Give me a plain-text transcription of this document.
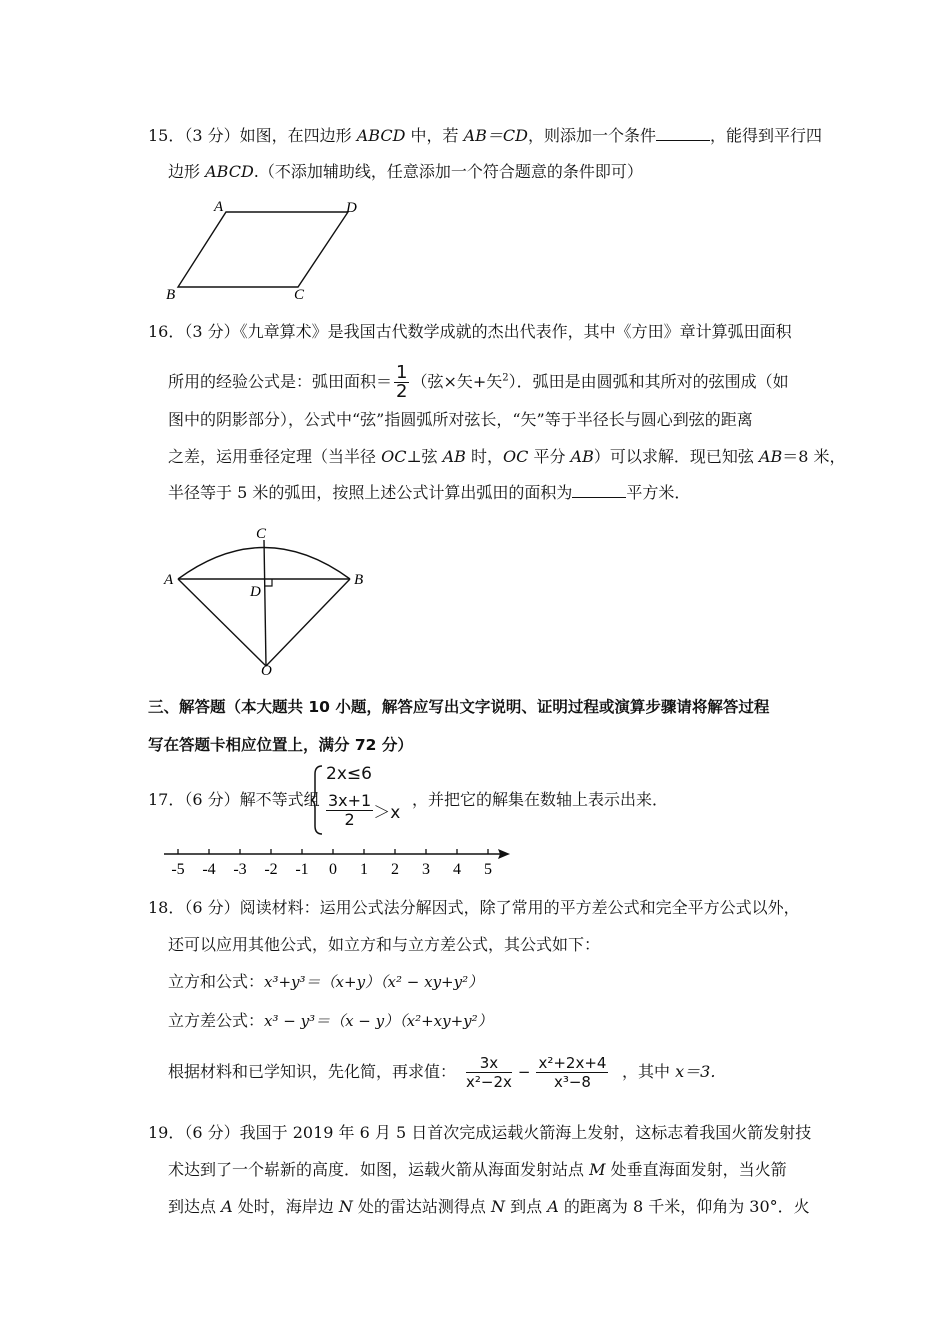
15．（3 分）如图，在四边形 ABCD 中，若 AB＝CD，则添加一个条件	，能得到平行四
边形 ABCD.（不添加辅助线，任意添加一个符合题意的条件即可）
A	D
B	C
16．（3 分）《九章算术》是我国古代数学成就的杰出代表作，其中《方田》章计算弧田面积
所用的经验公式是：弧田面积＝ $\frac{1}{2}$ （弦×矢+矢$^2$）．弧田是由圆弧和其所对的弦围成（如
图中的阴影部分），公式中“弦”指圆弧所对弦长，“矢”等于半径长与圆心到弦的距离
之差，运用垂径定理（当半径 OC⊥弦 AB 时，OC 平分 AB）可以求解．现已知弦 AB＝8 米，
半径等于 5 米的弧田，按照上述公式计算出弧田的面积为	平方米．
C
A	B
D
O
三、解答题（本大题共 10 小题，解答应写出文字说明、证明过程或演算步骤请将解答过程
写在答题卡相应位置上，满分 72 分）
17．（6 分）解不等式组
2x≤6
$\frac{3x+1}{2} >x$
，并把它的解集在数轴上表示出来．
-5 -4 -3 -2 -1 0 1 2 3 4 5
18．（6 分）阅读材料：运用公式法分解因式，除了常用的平方差公式和完全平方公式以外，
还可以应用其他公式，如立方和与立方差公式，其公式如下：
立方和公式：x³+y³＝（x+y）（x² − xy+y²）
立方差公式：x³ − y³＝（x − y）（x²+xy+y²）
根据材料和已学知识，先化简，再求值： $\frac{3x}{\text{x²−2x}} - \frac{\text{x²+2x+4}}{\text{x³−8}}$ ，其中 x＝3．
19．（6 分）我国于 2019 年 6 月 5 日首次完成运载火箭海上发射，这标志着我国火箭发射技
术达到了一个崭新的高度．如图，运载火箭从海面发射站点 M 处垂直海面发射，当火箭
到达点 A 处时，海岸边 N 处的雷达站测得点 N 到点 A 的距离为 8 千米，仰角为 30°．火
